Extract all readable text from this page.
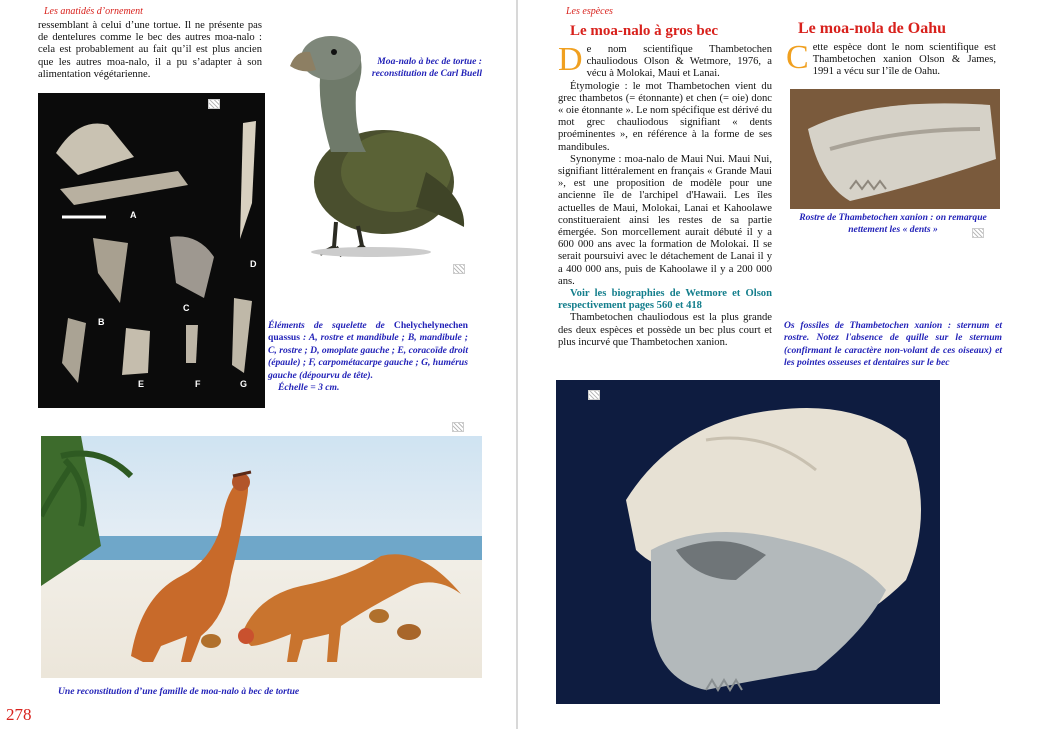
Les anatidés d’ornement
ressemblant à celui d’une tortue. Il ne présente pas de dentelures comme le bec des autres moa-nalo : cela est probablement au fait qu’il est plus ancien que les autres moa-nalo, il a pu s’adapter à son alimentation végétarienne.
Moa-nalo à bec de tortue : reconstitution de Carl Buell
A
B
C
D
E	F	G
Éléments de squelette de Chelychelynechen quassus : A, rostre et mandibule ; B, mandibule ; C, rostre ; D, omoplate gauche ; E, coracoïde droit (épaule) ; F, carpométacarpe gauche ; G, humérus gauche (dépourvu de tête).
Échelle = 3 cm.
Une reconstitution d’une famille de moa-nalo à bec de tortue
278
Les espèces
Le moa-nalo à gros bec

De nom scientifique Thambetochen chauliodous Olson & Wetmore, 1976, a vécu à Molokai, Maui et Lanai.

Étymologie : le mot Thambetochen vient du grec thambetos (= étonnante) et chen (= oie) donc « oie étonnante ». Le nom spécifique est dérivé du mot grec chauliodous signifiant « dents proéminentes », en référence à la forme de ses mandibules.

Synonyme : moa-nalo de Maui Nui. Maui Nui, signifiant littéralement en français « Grande Maui », est une proposition de modèle pour une ancienne île de l'archipel d'Hawaii. Les îles actuelles de Maui, Molokai, Lanai et Kahoolawe constitueraient ainsi les restes de sa partie émergée. Son morcellement aurait débuté il y a 600 000 ans avec la formation de Molokai. Il se serait poursuivi avec le détachement de Lanai il y a 400 000 ans, puis de Kahoolawe il y a 200 000 ans.

Voir les biographies de Wetmore et Olson respectivement pages 560 et 418

Thambetochen chauliodous est la plus grande des deux espèces et possède un bec plus court et plus incurvé que Thambetochen xanion.

Le moa-nola de Oahu

Cette espèce dont le nom scientifique est Thambetochen xanion Olson & James, 1991 a vécu sur l’île de Oahu.

Rostre de Thambetochen xanion : on remarque nettement les « dents »
Os fossiles de Thambetochen xanion : sternum et rostre. Notez l'absence de quille sur le sternum (confirmant le caractère non-volant de ces oiseaux) et les pointes osseuses et dentaires sur le bec
